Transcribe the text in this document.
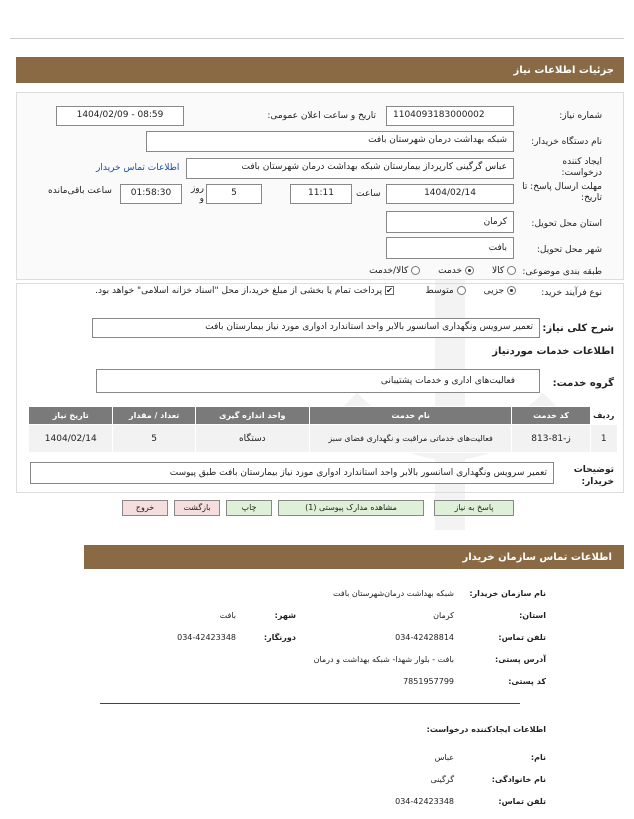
جزئیات اطلاعات نیاز
شماره نیاز:
1104093183000002
تاریخ و ساعت اعلان عمومی:
1404/02/09 - 08:59
نام دستگاه خریدار:
شبکه بهداشت درمان شهرستان بافت
ایجاد کننده درخواست:
عباس گرگینی کارپرداز بیمارستان شبکه بهداشت درمان شهرستان بافت
اطلاعات تماس خریدار
مهلت ارسال پاسخ: تا تاریخ:
1404/02/14
ساعت
11:11
5
روز و
01:58:30
ساعت باقی‌مانده
استان محل تحویل:
کرمان
شهر محل تحویل:
بافت
طبقه بندی موضوعی:
کالا
خدمت
کالا/خدمت
نوع فرآیند خرید:
جزیی
متوسط
✔ پرداخت تمام یا بخشی از مبلغ خرید،از محل "اسناد خزانه اسلامی" خواهد بود.
شرح کلی نیاز:
تعمیر سرویس ونگهداری اسانسور بالابر واحد استاندارد ادواری مورد نیاز بیمارستان بافت
اطلاعات خدمات موردنیاز
گروه خدمت:
فعالیت‌های اداری و خدمات پشتیبانی
ردیف	کد خدمت	نام خدمت	واحد اندازه گیری	تعداد / مقدار	تاریخ نیاز
1	ز-81-813	فعالیت‌های خدماتی مراقبت و نگهداری فضای سبز	دستگاه	5	1404/02/14
توضیحات خریدار:
تعمیر سرویس ونگهداری اسانسور بالابر واحد استاندارد ادواری مورد نیاز بیمارستان بافت طبق پیوست
پاسخ به نیاز
مشاهده مدارک پیوستی (1)
چاپ
بازگشت
خروج
اطلاعات تماس سازمان خریدار
نام سازمان خریدار:
شبکه بهداشت درمان‌شهرستان بافت
استان:
کرمان
شهر:
بافت
تلفن تماس:
034-42428814
دورنگار:
034-42423348
آدرس پستی:
بافت - بلوار شهدا- شبکه بهداشت و درمان
کد پستی:
7851957799
اطلاعات ایجادکننده درخواست:
نام:
عباس
نام خانوادگی:
گرگینی
تلفن تماس:
034-42423348
